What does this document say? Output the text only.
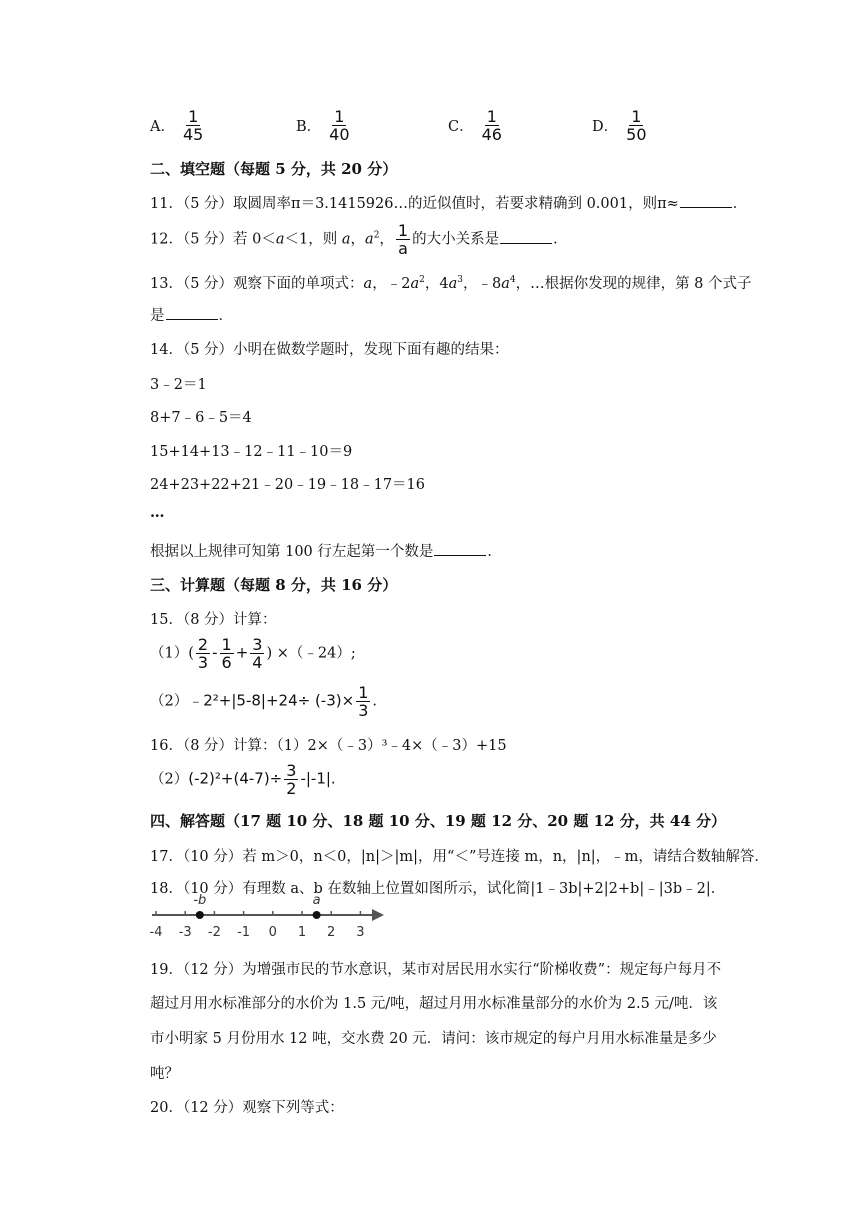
A． $\frac{1}{45}$	B． $\frac{1}{40}$	C． $\frac{1}{46}$	D． $\frac{1}{50}$
二、填空题（每题 5 分，共 20 分）
11．（5 分）取圆周率π＝3.1415926…的近似值时，若要求精确到 0.001，则π≈	．
12．（5 分）若 0＜a＜1，则 a，$a^2$， $\frac{1}{a}$ 的大小关系是	．
13．（5 分）观察下面的单项式：a，$﹣2a^2$，$4a^3$，$﹣8a^4$，…根据你发现的规律，第 8 个式子
是	．
14．（5 分）小明在做数学题时，发现下面有趣的结果：
3﹣2＝1
8+7﹣6﹣5＝4
15+14+13﹣12﹣11﹣10＝9
24+23+22+21﹣20﹣19﹣18﹣17＝16
…
根据以上规律可知第 100 行左起第一个数是	．
三、计算题（每题 8 分，共 16 分）
15．（8 分）计算：
$(1)( \frac{2}{3} - \frac{1}{6} + \frac{3}{4}$ ) ×（﹣24）;
（2）﹣2²+|5-8|+24÷ $(-3)\times \frac{1}{3}$ .
16．（8 分）计算：（1）2×（﹣3）³﹣4×（﹣3）+15
$(2)(-2)^2+(4-7)\div \frac{3}{2} -|-1|$.
四、解答题（17 题 10 分、18 题 10 分、19 题 12 分、20 题 12 分，共 44 分）
17．（10 分）若 m＞0，n＜0，|n|＞|m|，用“＜”号连接 m，n，|n|，﹣m，请结合数轴解答．
18．（10 分）有理数 a、b 在数轴上位置如图所示，试化简|1﹣3b|+2|2+b|﹣|3b﹣2|．
-4 -3 -2 -1 0 1 2 3
-b	a
19．（12 分）为增强市民的节水意识，某市对居民用水实行“阶梯收费”：规定每户每月不
超过月用水标准部分的水价为 1.5 元/吨，超过月用水标准量部分的水价为 2.5 元/吨．该
市小明家 5 月份用水 12 吨，交水费 20 元．请问：该市规定的每户月用水标准量是多少
吨？
20．（12 分）观察下列等式：
